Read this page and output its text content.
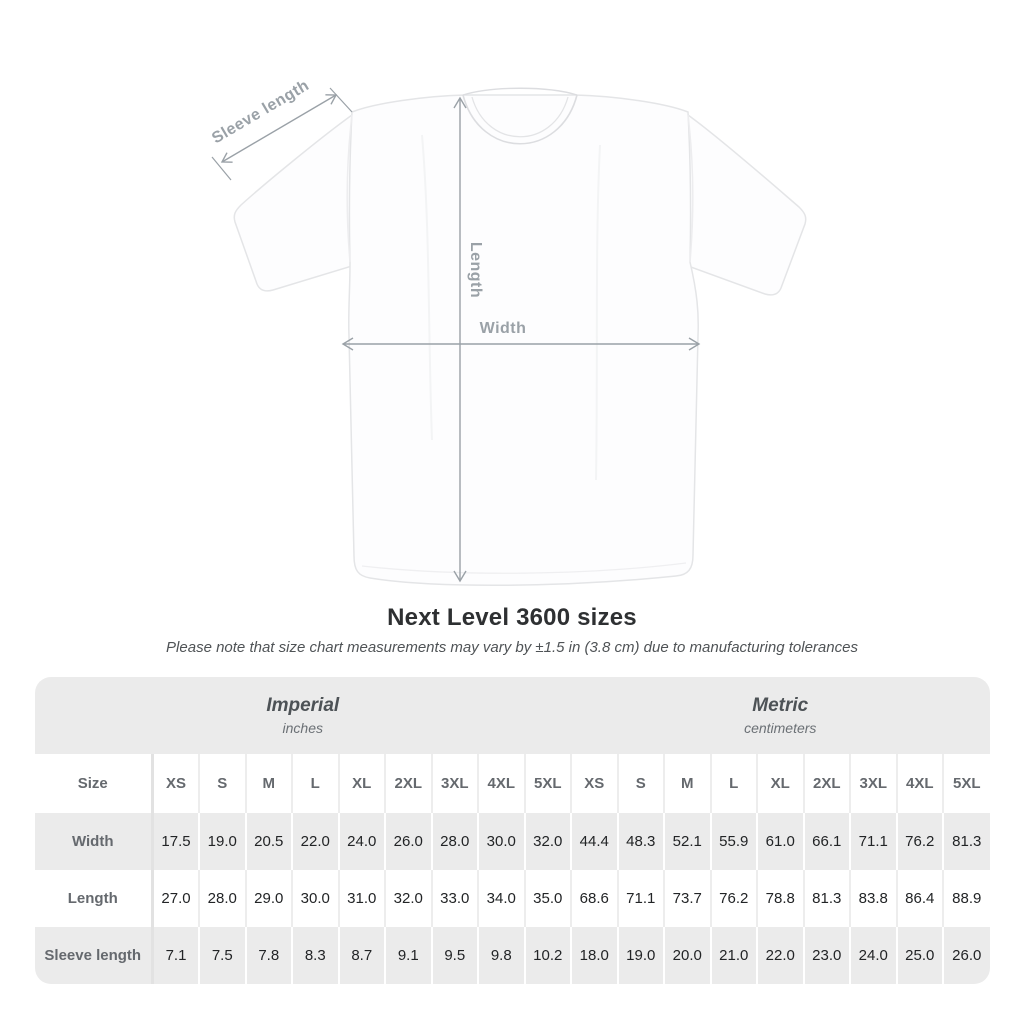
Length
Width
Sleeve length
Next Level 3600 sizes
Please note that size chart measurements may vary by ±1.5 in (3.8 cm) due to manufacturing tolerances
Imperial
inches

Metric
centimeters

Size	XS	S	M	L	XL	2XL	3XL	4XL	5XL	XS	S	M	L	XL	2XL	3XL	4XL	5XL
Width	17.5	19.0	20.5	22.0	24.0	26.0	28.0	30.0	32.0	44.4	48.3	52.1	55.9	61.0	66.1	71.1	76.2	81.3
Length	27.0	28.0	29.0	30.0	31.0	32.0	33.0	34.0	35.0	68.6	71.1	73.7	76.2	78.8	81.3	83.8	86.4	88.9
Sleeve length	7.1	7.5	7.8	8.3	8.7	9.1	9.5	9.8	10.2	18.0	19.0	20.0	21.0	22.0	23.0	24.0	25.0	26.0
